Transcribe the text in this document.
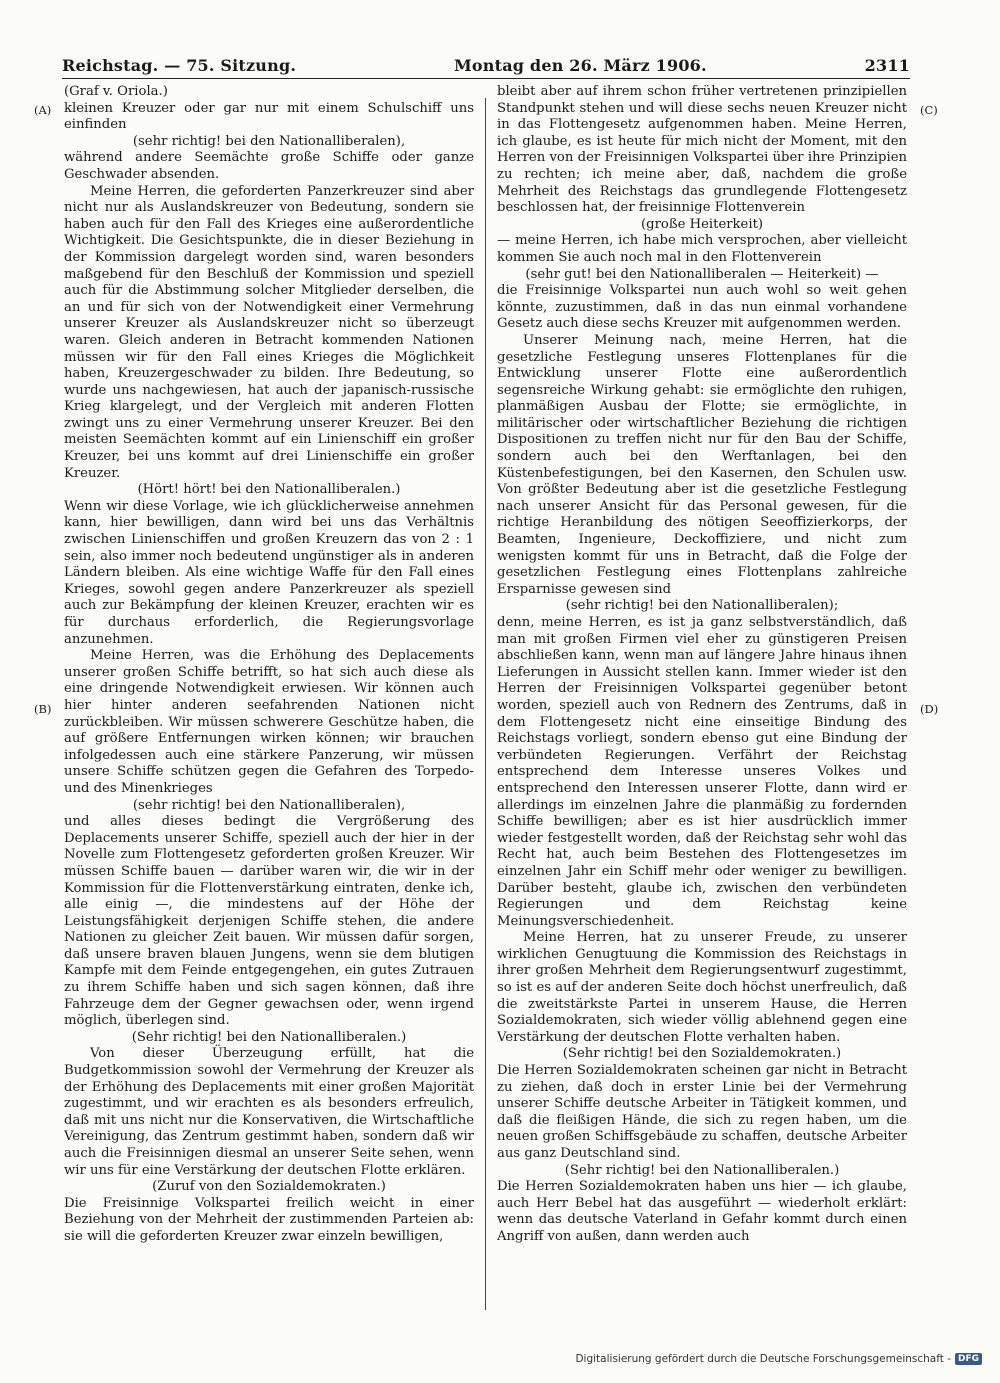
Reichstag. — 75. Sitzung.	Montag den 26. März 1906.	2311
(A)
(B)
(C)
(D)

(Graf v. Oriola.)

kleinen Kreuzer oder gar nur mit einem Schulschiff uns einfinden

(sehr richtig! bei den Nationalliberalen),

während andere Seemächte große Schiffe oder ganze Geschwader absenden.

Meine Herren, die geforderten Panzerkreuzer sind aber nicht nur als Auslandskreuzer von Bedeutung, sondern sie haben auch für den Fall des Krieges eine außerordentliche Wichtigkeit. Die Gesichtspunkte, die in dieser Beziehung in der Kommission dargelegt worden sind, waren besonders maßgebend für den Beschluß der Kommission und speziell auch für die Abstimmung solcher Mitglieder derselben, die an und für sich von der Notwendigkeit einer Vermehrung unserer Kreuzer als Auslandskreuzer nicht so überzeugt waren. Gleich anderen in Betracht kommenden Nationen müssen wir für den Fall eines Krieges die Möglichkeit haben, Kreuzergeschwader zu bilden. Ihre Bedeutung, so wurde uns nachgewiesen, hat auch der japanisch-russische Krieg klargelegt, und der Vergleich mit anderen Flotten zwingt uns zu einer Vermehrung unserer Kreuzer. Bei den meisten Seemächten kommt auf ein Linienschiff ein großer Kreuzer, bei uns kommt auf drei Linienschiffe ein großer Kreuzer.

(Hört! hört! bei den Nationalliberalen.)

Wenn wir diese Vorlage, wie ich glücklicherweise annehmen kann, hier bewilligen, dann wird bei uns das Verhältnis zwischen Linienschiffen und großen Kreuzern das von 2 : 1 sein, also immer noch bedeutend ungünstiger als in anderen Ländern bleiben. Als eine wichtige Waffe für den Fall eines Krieges, sowohl gegen andere Panzerkreuzer als speziell auch zur Bekämpfung der kleinen Kreuzer, erachten wir es für durchaus erforderlich, die Regierungsvorlage anzunehmen.

Meine Herren, was die Erhöhung des Deplacements unserer großen Schiffe betrifft, so hat sich auch diese als eine dringende Notwendigkeit erwiesen. Wir können auch hier hinter anderen seefahrenden Nationen nicht zurückbleiben. Wir müssen schwerere Geschütze haben, die auf größere Entfernungen wirken können; wir brauchen infolgedessen auch eine stärkere Panzerung, wir müssen unsere Schiffe schützen gegen die Gefahren des Torpedo- und des Minenkrieges

(sehr richtig! bei den Nationalliberalen),

und alles dieses bedingt die Vergrößerung des Deplacements unserer Schiffe, speziell auch der hier in der Novelle zum Flottengesetz geforderten großen Kreuzer. Wir müssen Schiffe bauen — darüber waren wir, die wir in der Kommission für die Flottenverstärkung eintraten, denke ich, alle einig —, die mindestens auf der Höhe der Leistungsfähigkeit derjenigen Schiffe stehen, die andere Nationen zu gleicher Zeit bauen. Wir müssen dafür sorgen, daß unsere braven blauen Jungens, wenn sie dem blutigen Kampfe mit dem Feinde entgegengehen, ein gutes Zutrauen zu ihrem Schiffe haben und sich sagen können, daß ihre Fahrzeuge dem der Gegner gewachsen oder, wenn irgend möglich, überlegen sind.

(Sehr richtig! bei den Nationalliberalen.)

Von dieser Überzeugung erfüllt, hat die Budgetkommission sowohl der Vermehrung der Kreuzer als der Erhöhung des Deplacements mit einer großen Majorität zugestimmt, und wir erachten es als besonders erfreulich, daß mit uns nicht nur die Konservativen, die Wirtschaftliche Vereinigung, das Zentrum gestimmt haben, sondern daß wir auch die Freisinnigen diesmal an unserer Seite sehen, wenn wir uns für eine Verstärkung der deutschen Flotte erklären.

(Zuruf von den Sozialdemokraten.)

Die Freisinnige Volkspartei freilich weicht in einer Beziehung von der Mehrheit der zustimmenden Parteien ab: sie will die geforderten Kreuzer zwar einzeln bewilligen,

bleibt aber auf ihrem schon früher vertretenen prinzipiellen Standpunkt stehen und will diese sechs neuen Kreuzer nicht in das Flottengesetz aufgenommen haben. Meine Herren, ich glaube, es ist heute für mich nicht der Moment, mit den Herren von der Freisinnigen Volkspartei über ihre Prinzipien zu rechten; ich meine aber, daß, nachdem die große Mehrheit des Reichstags das grundlegende Flottengesetz beschlossen hat, der freisinnige Flottenverein

(große Heiterkeit)

— meine Herren, ich habe mich versprochen, aber vielleicht kommen Sie auch noch mal in den Flottenverein

(sehr gut! bei den Nationalliberalen — Heiterkeit) —

die Freisinnige Volkspartei nun auch wohl so weit gehen könnte, zuzustimmen, daß in das nun einmal vorhandene Gesetz auch diese sechs Kreuzer mit aufgenommen werden.

Unserer Meinung nach, meine Herren, hat die gesetzliche Festlegung unseres Flottenplanes für die Entwicklung unserer Flotte eine außerordentlich segensreiche Wirkung gehabt: sie ermöglichte den ruhigen, planmäßigen Ausbau der Flotte; sie ermöglichte, in militärischer oder wirtschaftlicher Beziehung die richtigen Dispositionen zu treffen nicht nur für den Bau der Schiffe, sondern auch bei den Werftanlagen, bei den Küstenbefestigungen, bei den Kasernen, den Schulen usw. Von größter Bedeutung aber ist die gesetzliche Festlegung nach unserer Ansicht für das Personal gewesen, für die richtige Heranbildung des nötigen Seeoffizierkorps, der Beamten, Ingenieure, Deckoffiziere, und nicht zum wenigsten kommt für uns in Betracht, daß die Folge der gesetzlichen Festlegung eines Flottenplans zahlreiche Ersparnisse gewesen sind

(sehr richtig! bei den Nationalliberalen);

denn, meine Herren, es ist ja ganz selbstverständlich, daß man mit großen Firmen viel eher zu günstigeren Preisen abschließen kann, wenn man auf längere Jahre hinaus ihnen Lieferungen in Aussicht stellen kann. Immer wieder ist den Herren der Freisinnigen Volkspartei gegenüber betont worden, speziell auch von Rednern des Zentrums, daß in dem Flottengesetz nicht eine einseitige Bindung des Reichstags vorliegt, sondern ebenso gut eine Bindung der verbündeten Regierungen. Verfährt der Reichstag entsprechend dem Interesse unseres Volkes und entsprechend den Interessen unserer Flotte, dann wird er allerdings im einzelnen Jahre die planmäßig zu fordernden Schiffe bewilligen; aber es ist hier ausdrücklich immer wieder festgestellt worden, daß der Reichstag sehr wohl das Recht hat, auch beim Bestehen des Flottengesetzes im einzelnen Jahr ein Schiff mehr oder weniger zu bewilligen. Darüber besteht, glaube ich, zwischen den verbündeten Regierungen und dem Reichstag keine Meinungsverschiedenheit.

Meine Herren, hat zu unserer Freude, zu unserer wirklichen Genugtuung die Kommission des Reichstags in ihrer großen Mehrheit dem Regierungsentwurf zugestimmt, so ist es auf der anderen Seite doch höchst unerfreulich, daß die zweitstärkste Partei in unserem Hause, die Herren Sozialdemokraten, sich wieder völlig ablehnend gegen eine Verstärkung der deutschen Flotte verhalten haben.

(Sehr richtig! bei den Sozialdemokraten.)

Die Herren Sozialdemokraten scheinen gar nicht in Betracht zu ziehen, daß doch in erster Linie bei der Vermehrung unserer Schiffe deutsche Arbeiter in Tätigkeit kommen, und daß die fleißigen Hände, die sich zu regen haben, um die neuen großen Schiffsgebäude zu schaffen, deutsche Arbeiter aus ganz Deutschland sind.

(Sehr richtig! bei den Nationalliberalen.)

Die Herren Sozialdemokraten haben uns hier — ich glaube, auch Herr Bebel hat das ausgeführt — wiederholt erklärt: wenn das deutsche Vaterland in Gefahr kommt durch einen Angriff von außen, dann werden auch

Digitalisierung gefördert durch die Deutsche Forschungsgemeinschaft - DFG
